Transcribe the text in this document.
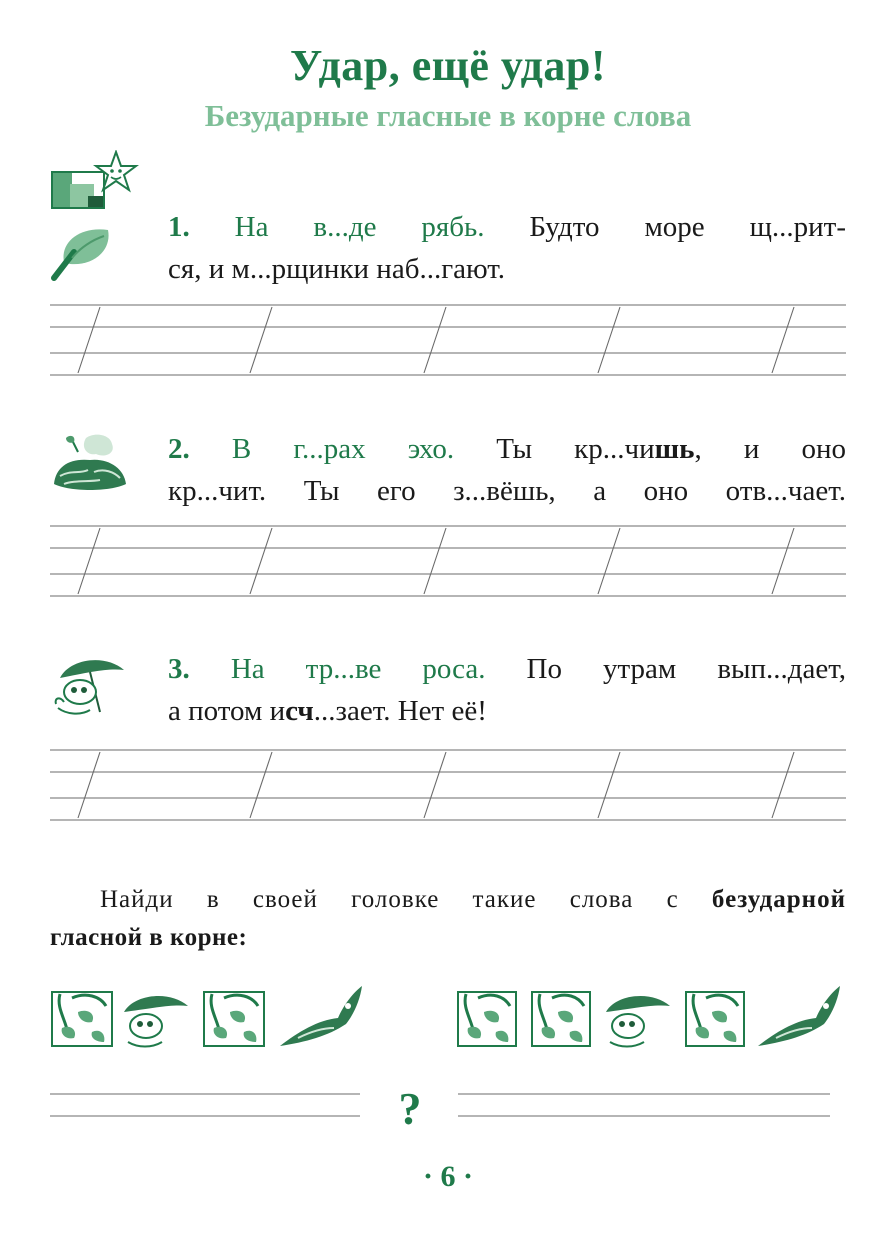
Удар, ещё удар!
Безударные гласные в корне слова
1. На в...де рябь. Будто море щ...рит-
ся, и м...рщинки наб...гают.
2. В г...рах эхо. Ты кр...чишь, и оно
кр...чит. Ты его з...вёшь, а оно отв...чает.
3. На тр...ве роса. По утрам вып...дает,
а потом исч...зает. Нет её!
Найди в своей головке такие слова с безударной
гласной в корне:
?
· 6 ·
